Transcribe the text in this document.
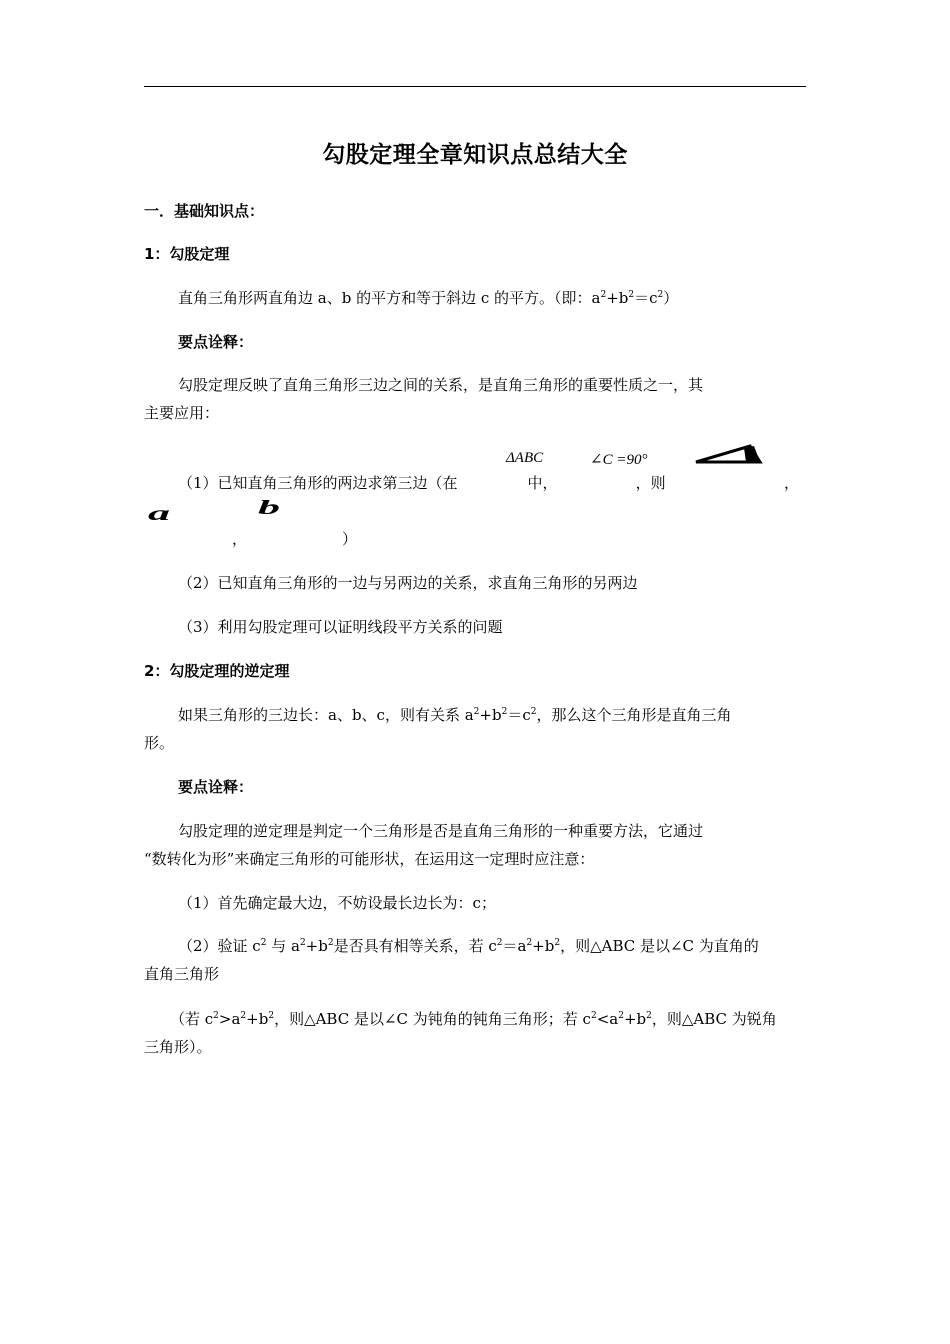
勾股定理全章知识点总结大全
一．基础知识点：
1：勾股定理
直角三角形两直角边 a、b 的平方和等于斜边 c 的平方。（即：$a^2+b^2=c^2$）
要点诠释：
勾股定理反映了直角三角形三边之间的关系，是直角三角形的重要性质之一，其
主要应用：
ΔABC	∠C =90°
（1）已知直角三角形的两边求第三边（在	中，	，则	，
a b
，	）
（2）已知直角三角形的一边与另两边的关系，求直角三角形的另两边
（3）利用勾股定理可以证明线段平方关系的问题
2：勾股定理的逆定理
如果三角形的三边长：a、b、c，则有关系 $a^2+b^2=c^2$，那么这个三角形是直角三角
形。
要点诠释：
勾股定理的逆定理是判定一个三角形是否是直角三角形的一种重要方法，它通过
“数转化为形”来确定三角形的可能形状，在运用这一定理时应注意：
（1）首先确定最大边，不妨设最长边长为：c；
（2）验证 $c^2$ 与 $a^2+b^2$是否具有相等关系，若 $c^2=a^2+b^2$，则△ABC 是以∠C 为直角的
直角三角形
（若 $c^2>a^2+b^2$，则△ABC 是以∠C 为钝角的钝角三角形；若 $c^2<a^2+b^2$，则△ABC 为锐角
三角形）。
